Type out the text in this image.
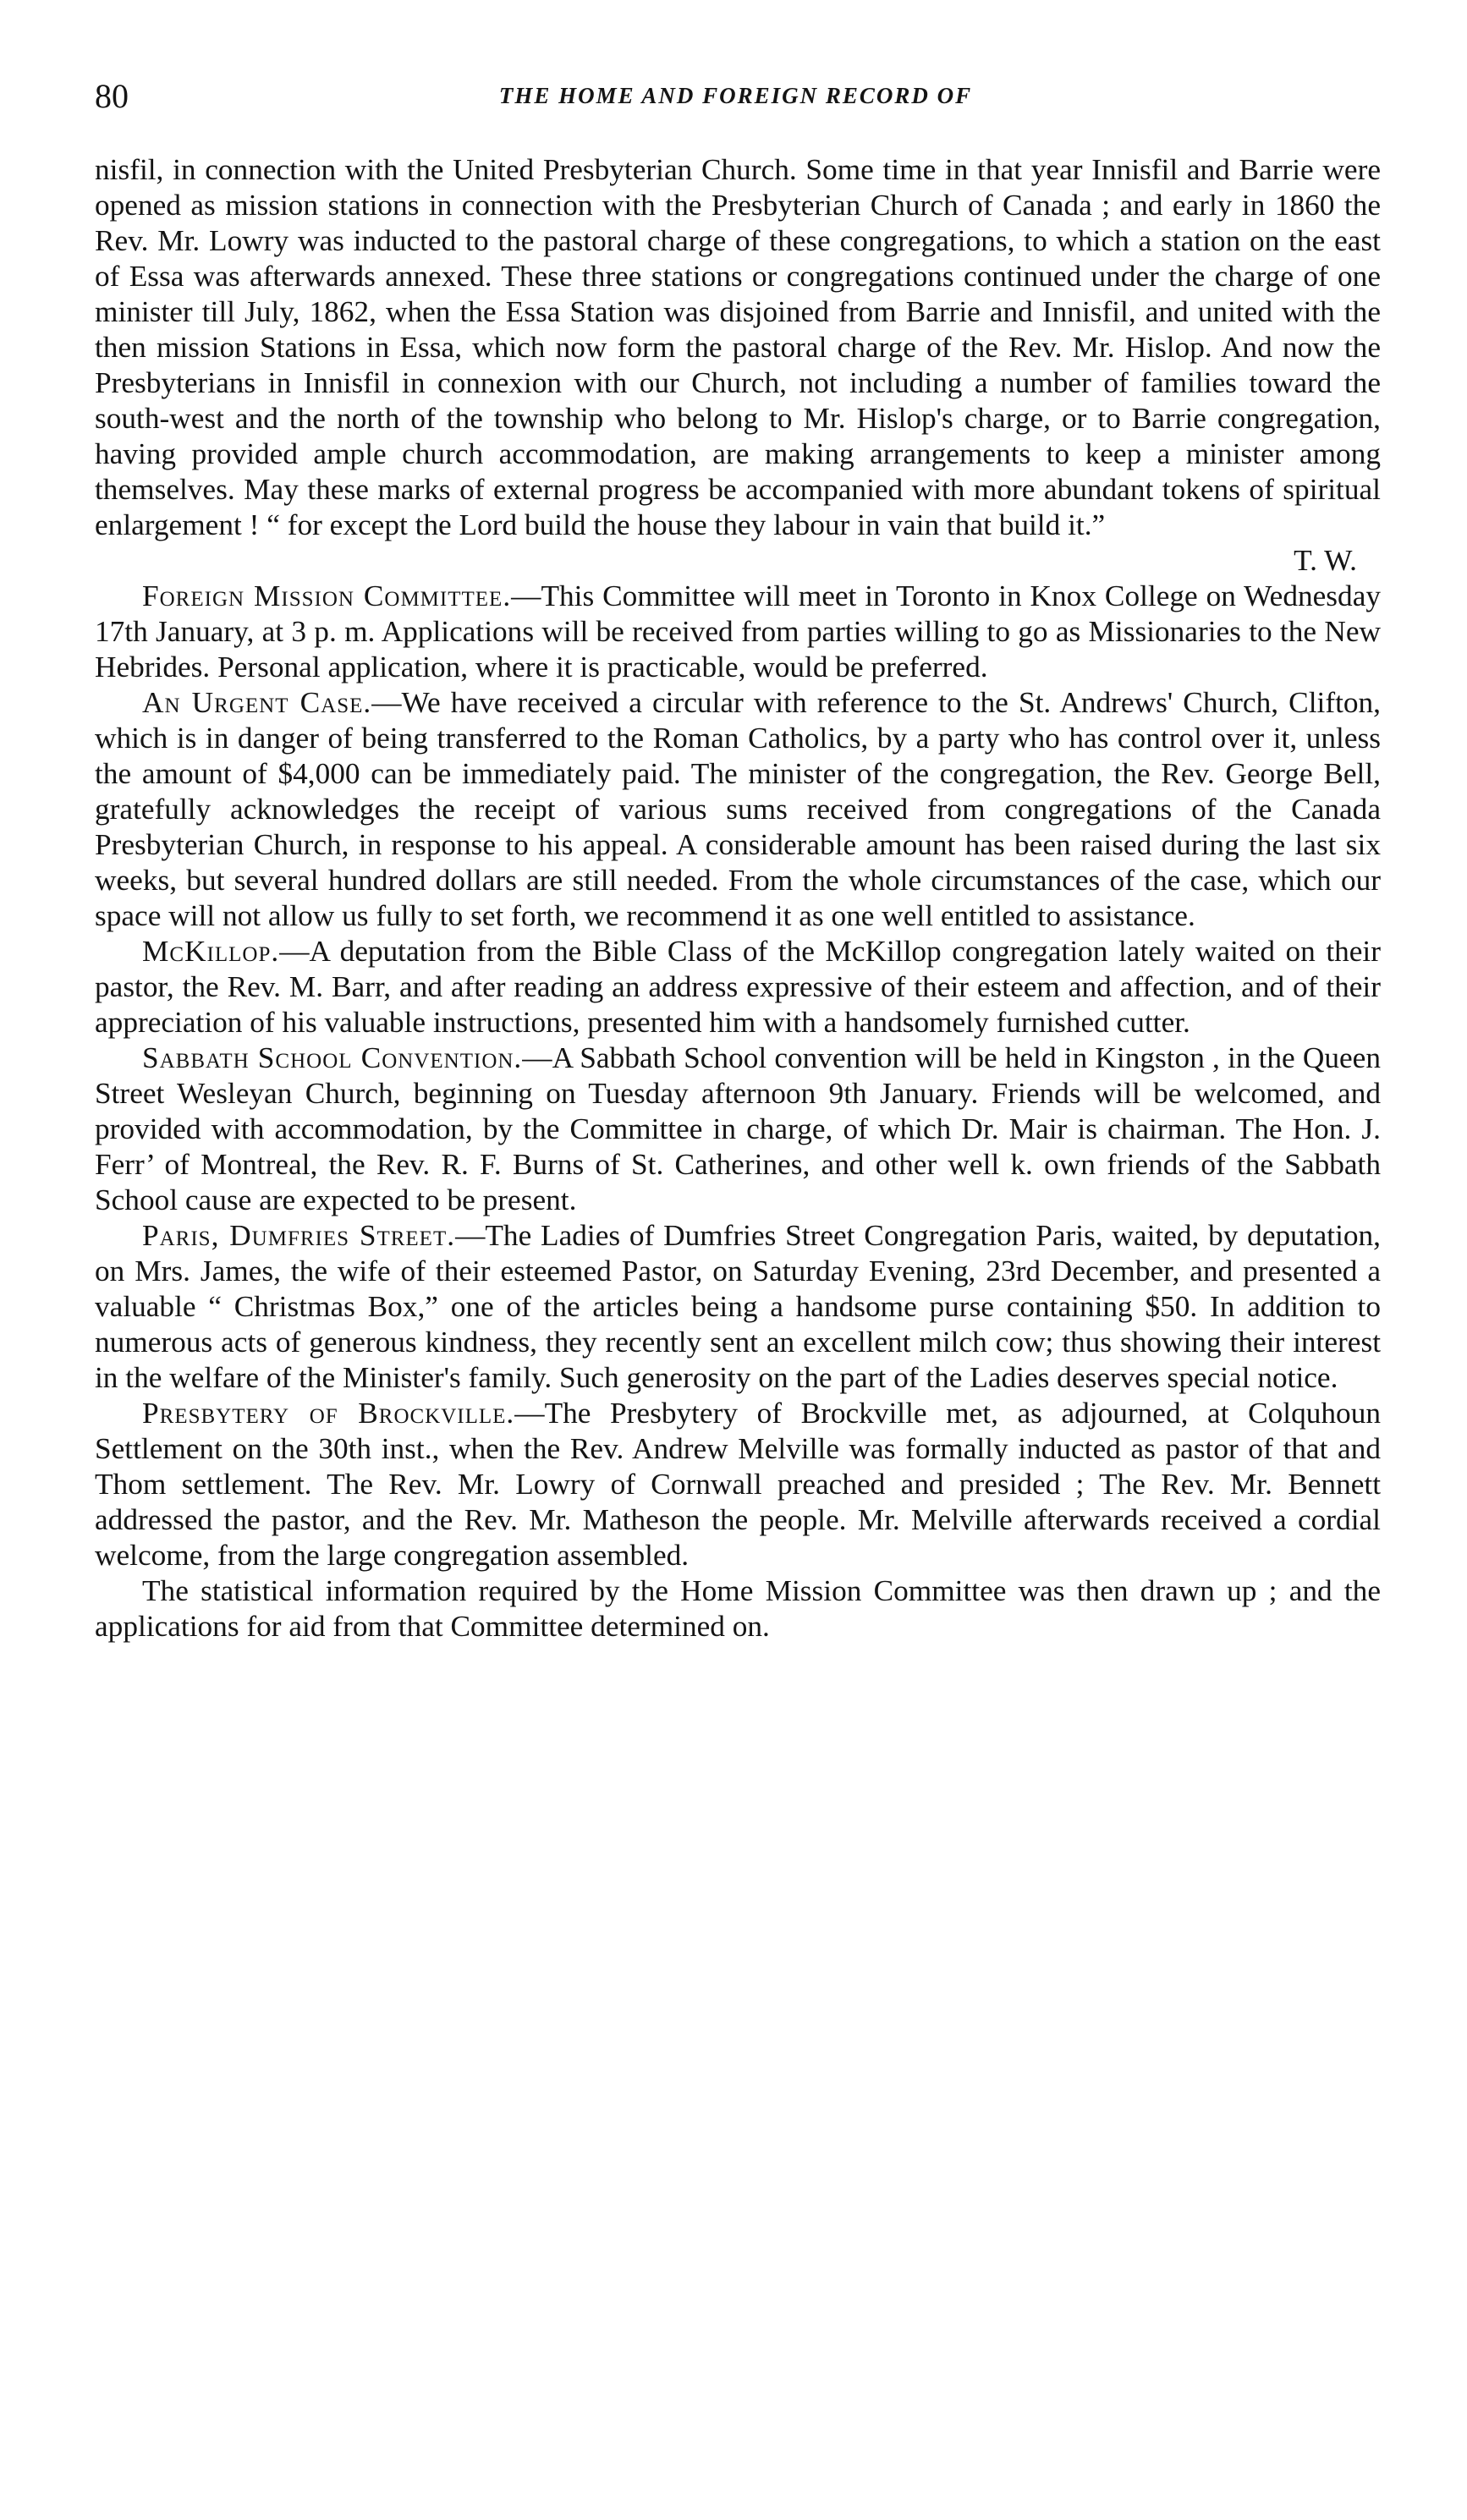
80	THE HOME AND FOREIGN RECORD OF

nisfil, in connection with the United Presbyterian Church. Some time in that year Innisfil and Barrie were opened as mission stations in connection with the Presbyterian Church of Canada ; and early in 1860 the Rev. Mr. Lowry was inducted to the pastoral charge of these congregations, to which a station on the east of Essa was afterwards annexed. These three stations or congregations continued under the charge of one minister till July, 1862, when the Essa Station was disjoined from Barrie and Innisfil, and united with the then mission Stations in Essa, which now form the pastoral charge of the Rev. Mr. Hislop. And now the Presbyterians in Innisfil in connexion with our Church, not including a number of families toward the south-west and the north of the township who belong to Mr. Hislop's charge, or to Barrie congregation, having provided ample church accommodation, are making arrangements to keep a minister among themselves. May these marks of external progress be accompanied with more abundant tokens of spiritual enlargement ! “ for except the Lord build the house they labour in vain that build it.”

T. W.

Foreign Mission Committee.—This Committee will meet in Toronto in Knox College on Wednesday 17th January, at 3 p. m. Applications will be received from parties willing to go as Missionaries to the New Hebrides. Personal application, where it is practicable, would be preferred.

An Urgent Case.—We have received a circular with reference to the St. Andrews' Church, Clifton, which is in danger of being transferred to the Roman Catholics, by a party who has control over it, unless the amount of $4,000 can be immediately paid. The minister of the congregation, the Rev. George Bell, gratefully acknowledges the receipt of various sums received from congregations of the Canada Presbyterian Church, in response to his appeal. A considerable amount has been raised during the last six weeks, but several hundred dollars are still needed. From the whole circumstances of the case, which our space will not allow us fully to set forth, we recommend it as one well entitled to assistance.

McKillop.—A deputation from the Bible Class of the McKillop congregation lately waited on their pastor, the Rev. M. Barr, and after reading an address expressive of their esteem and affection, and of their appreciation of his valuable instructions, presented him with a handsomely furnished cutter.

Sabbath School Convention.—A Sabbath School convention will be held in Kingston , in the Queen Street Wesleyan Church, beginning on Tuesday afternoon 9th January. Friends will be welcomed, and provided with accommodation, by the Committee in charge, of which Dr. Mair is chairman. The Hon. J. Ferr’ of Montreal, the Rev. R. F. Burns of St. Catherines, and other well k. own friends of the Sabbath School cause are expected to be present.

Paris, Dumfries Street.—The Ladies of Dumfries Street Congregation Paris, waited, by deputation, on Mrs. James, the wife of their esteemed Pastor, on Saturday Evening, 23rd December, and presented a valuable “ Christmas Box,” one of the articles being a handsome purse containing $50. In addition to numerous acts of generous kindness, they recently sent an excellent milch cow; thus showing their interest in the welfare of the Minister's family. Such generosity on the part of the Ladies deserves special notice.

Presbytery of Brockville.—The Presbytery of Brockville met, as adjourned, at Colquhoun Settlement on the 30th inst., when the Rev. Andrew Melville was formally inducted as pastor of that and Thom settlement. The Rev. Mr. Lowry of Cornwall preached and presided ; The Rev. Mr. Bennett addressed the pastor, and the Rev. Mr. Matheson the people. Mr. Melville afterwards received a cordial welcome, from the large congregation assembled.

The statistical information required by the Home Mission Committee was then drawn up ; and the applications for aid from that Committee determined on.
